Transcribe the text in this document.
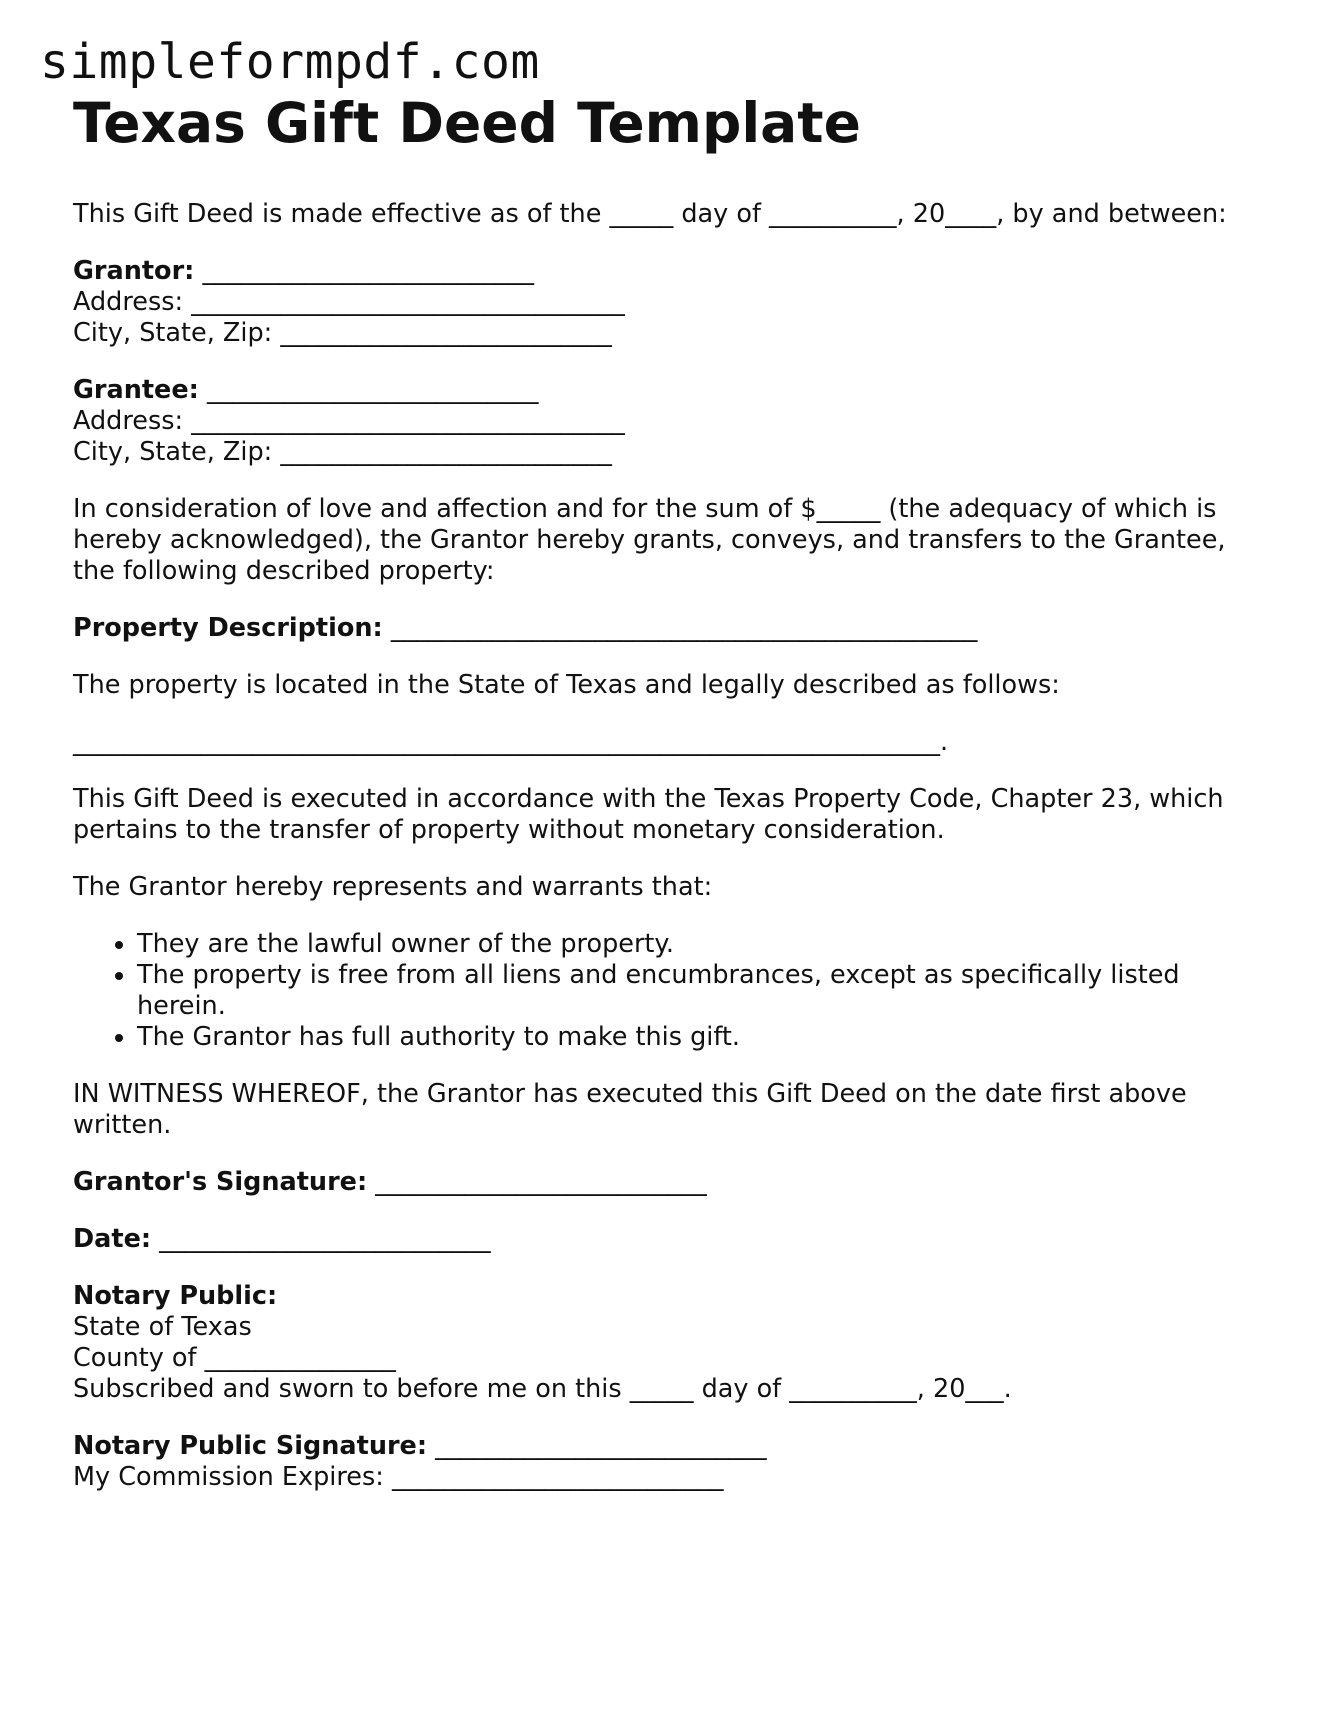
simpleformpdf.com

Texas Gift Deed Template

This Gift Deed is made effective as of the _____ day of __________, 20____, by and between:

Grantor: __________________________

Address: __________________________________

City, State, Zip: __________________________

Grantee: __________________________

Address: __________________________________

City, State, Zip: __________________________

In consideration of love and affection and for the sum of $_____ (the adequacy of which is hereby acknowledged), the Grantor hereby grants, conveys, and transfers to the Grantee, the following described property:

Property Description: ______________________________________________

The property is located in the State of Texas and legally described as follows:

____________________________________________________________________.

This Gift Deed is executed in accordance with the Texas Property Code, Chapter 23, which pertains to the transfer of property without monetary consideration.

The Grantor hereby represents and warrants that:

• They are the lawful owner of the property.
• The property is free from all liens and encumbrances, except as specifically listed herein.
• The Grantor has full authority to make this gift.

IN WITNESS WHEREOF, the Grantor has executed this Gift Deed on the date first above written.

Grantor's Signature: __________________________

Date: __________________________

Notary Public:

State of Texas

County of _______________

Subscribed and sworn to before me on this _____ day of __________, 20___.

Notary Public Signature: __________________________

My Commission Expires: __________________________
